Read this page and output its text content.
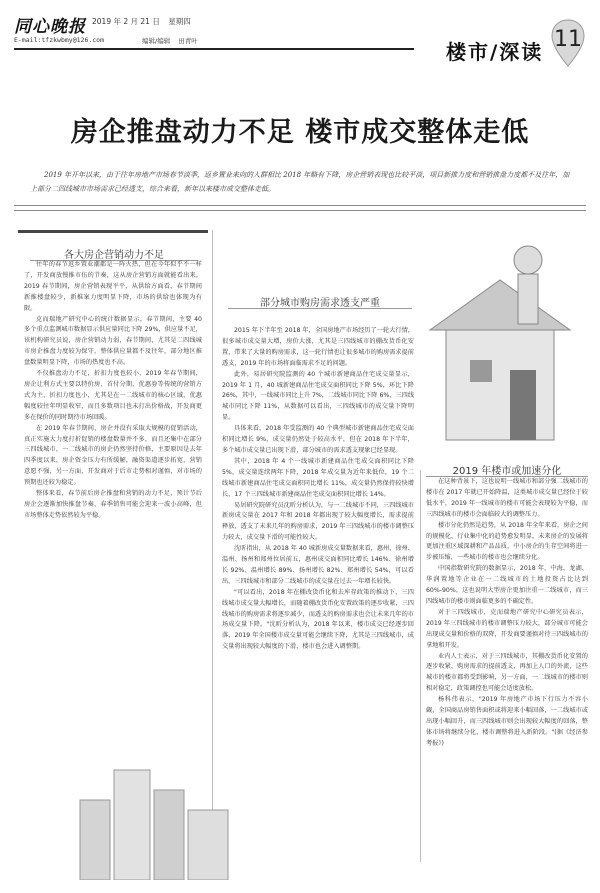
同心晚报 2019 年 2 月 21 日 星期四
E-mail:tfzkwbmy@126.com	编辑/编辑 田青叶	楼市/深读 11
房企推盘动力不足 楼市成交整体走低
2019 年开年以来，由于往年房地产市场春节淡季，返乡置业来向的人群相比 2018 年略有下降，房企营销表现也比较平淡，项目新推力度和营销推盘力度都不及往年，加上部分二四线城市市场需求已经透支，综合来看，新年以来楼市成交整体走低。
各大房企营销动力不足

往年的春节返乡置业潮都是一阵火热，但在今年似乎不一样了，开发商放慢推市伍的节奏，这从房企营销方面就能看出来。2019 春节期间，房企营销表现平平，从供给方面看，春节期间新推楼盘较少，新推案力度明显下降，市场的供给也体现为有限。

克而瑞地产研究中心的统计数据显示，春节期间，主要 40 多个重点监测城市数据显示供应量同比下降 29%，供应量不足，该机构研究员说，房企营销动力弱，春节期间，尤其是二四线城市房企推盘力度较为保守，整体供应量都不及往年，部分地区推盘数量明显下降，市场的热度也不高。

不仅推盘动力不足，折扣力度也较小，2019 年春节期间，房企让利方式主要以特价房、首付分期、优惠券等传统的营销方式为主，折扣力度也小，尤其是在一二线城市的核心区域，优惠幅度较往年明显收窄，而且多数项目也未打出价格战，开发商更多在保价的同时期待市场回暖。

在 2019 年春节期间，房企并没有采取大规模的促销活动，真正实施大力度打折促销的楼盘数量并不多，而且还集中在部分三四线城市，一二线城市的房企仍然坚持价格，主要原因是去年四季度以来，房企资金压力有所缓解，融资渠道逐步拓宽，营销意愿不强，另一方面，开发商对于后市走势相对谨慎，对市场的预期也还较为稳定。

整体来看，春节前后房企推盘和营销的动力不足，预计节后房企会逐渐加快推盘节奏，春季销售可能会迎来一波小高峰，但市场整体走势依然较为平稳。

部分城市购房需求透支严重

2015 年下半年至 2018 年，全国房地产市场经历了一轮大行情，很多城市成交量大增，房价大涨，尤其是三四线城市的棚改货币化安置，带来了大量的购房需求，这一轮行情也让很多城市的购房需求提前透支，2019 年的市场将面临需求不足的问题。

此外，易居研究院监测的 40 个城市新建商品住宅成交量显示，2019 年 1 月，40 城新建商品住宅成交面积同比下降 5%，环比下降 26%，其中，一线城市同比上升 7%，二线城市同比下降 6%，三四线城市同比下降 11%，从数据可以看出，三四线城市的成交量下降明显。

具体来看，2018 年受监测的 40 个典型城市新建商品住宅成交面积同比增长 9%，成交量仍然处于较高水平，但在 2018 年下半年，多个城市成交量已出现下滑，部分城市的需求透支现象已经显现。

其中，2018 年 4 个一线城市新建商品住宅成交面积同比下降 5%，成交量连续两年下降，2018 年成交量为近年来低位，19 个二线城市新建商品住宅成交面积同比增长 11%，成交量仍然保持较快增长，17 个三四线城市新建商品住宅成交面积同比增长 14%。

易居研究院研究员沈昕分析认为，与一二线城市不同，三四线城市新房成交量在 2017 年和 2018 年都出现了较大幅度增长，需求提前释放，透支了未来几年的购房需求，2019 年三四线城市的楼市调整压力较大，成交量下滑的可能性较大。

沈昕指出，从 2018 年 40 城新房成交量数据来看，惠州、徐州、温州、扬州和郑州位居前五，惠州成交面积同比增长 146%、徐州增长 92%、温州增长 89%、扬州增长 82%、郑州增长 54%，可以看出，三四线城市和部分二线城市的成交量在过去一年增长较快。

"可以看出，2018 年在棚改货币化和去库存政策的推动下，三四线城市成交量大幅增长，而随着棚改货币化安置政策的逐步收紧，三四线城市的购房需求将逐步减少，而透支的购房需求也会让未来几年的市场成交量下降。"沈昕分析认为，2018 年以来，楼市成交已经逐步回落，2019 年全国楼市成交量可能会继续下降，尤其是三四线城市，成交量将出现较大幅度的下滑，楼市也会进入调整期。

2019 年楼市或加速分化

在这种背景下，这也说明一线城市和部分强二线城市的楼市在 2017 年就已开始降温，这类城市成交量已经位于较低水平，2019 年一线城市的楼市可能会表现较为平稳，而三四线城市的楼市会面临较大的调整压力。

楼市分化仍然是趋势，从 2018 年全年来看，房企之间的规模化、行业集中化的趋势愈发明显，未来房企的发展将更加注重区域深耕和产品品质，中小房企的生存空间将进一步被压缩，一些城市的楼市也会继续分化。

中国指数研究院的数据显示，2018 年，中海、龙湖、华润置地等企业在一二线城市的土地投资占比达到 60%-90%，这也说明大型房企更加注重一二线城市，而三四线城市的楼市则面临更多的不确定性。

对于三四线城市，克而瑞地产研究中心研究员表示，2019 年三四线城市的楼市调整压力较大，部分城市可能会出现成交量和价格的双降，开发商要谨慎对待三四线城市的拿地和开发。

业内人士表示，对于三四线城市，其棚改货币化安置的逐步收紧、购房需求的提前透支，再加上人口的外流，这些城市的楼市都将受到影响，另一方面，一二线城市的楼市则相对稳定，政策调控也可能会适度放松。

杨科伟表示，"2019 年房地产市场下行压力不容小觑，全国商品房销售面积或将迎来小幅回落，一二线城市或出现小幅回升，而三四线城市则会出现较大幅度的回落，整体市场将继续分化，楼市调整将进入新阶段。"(据《经济参考报》)
